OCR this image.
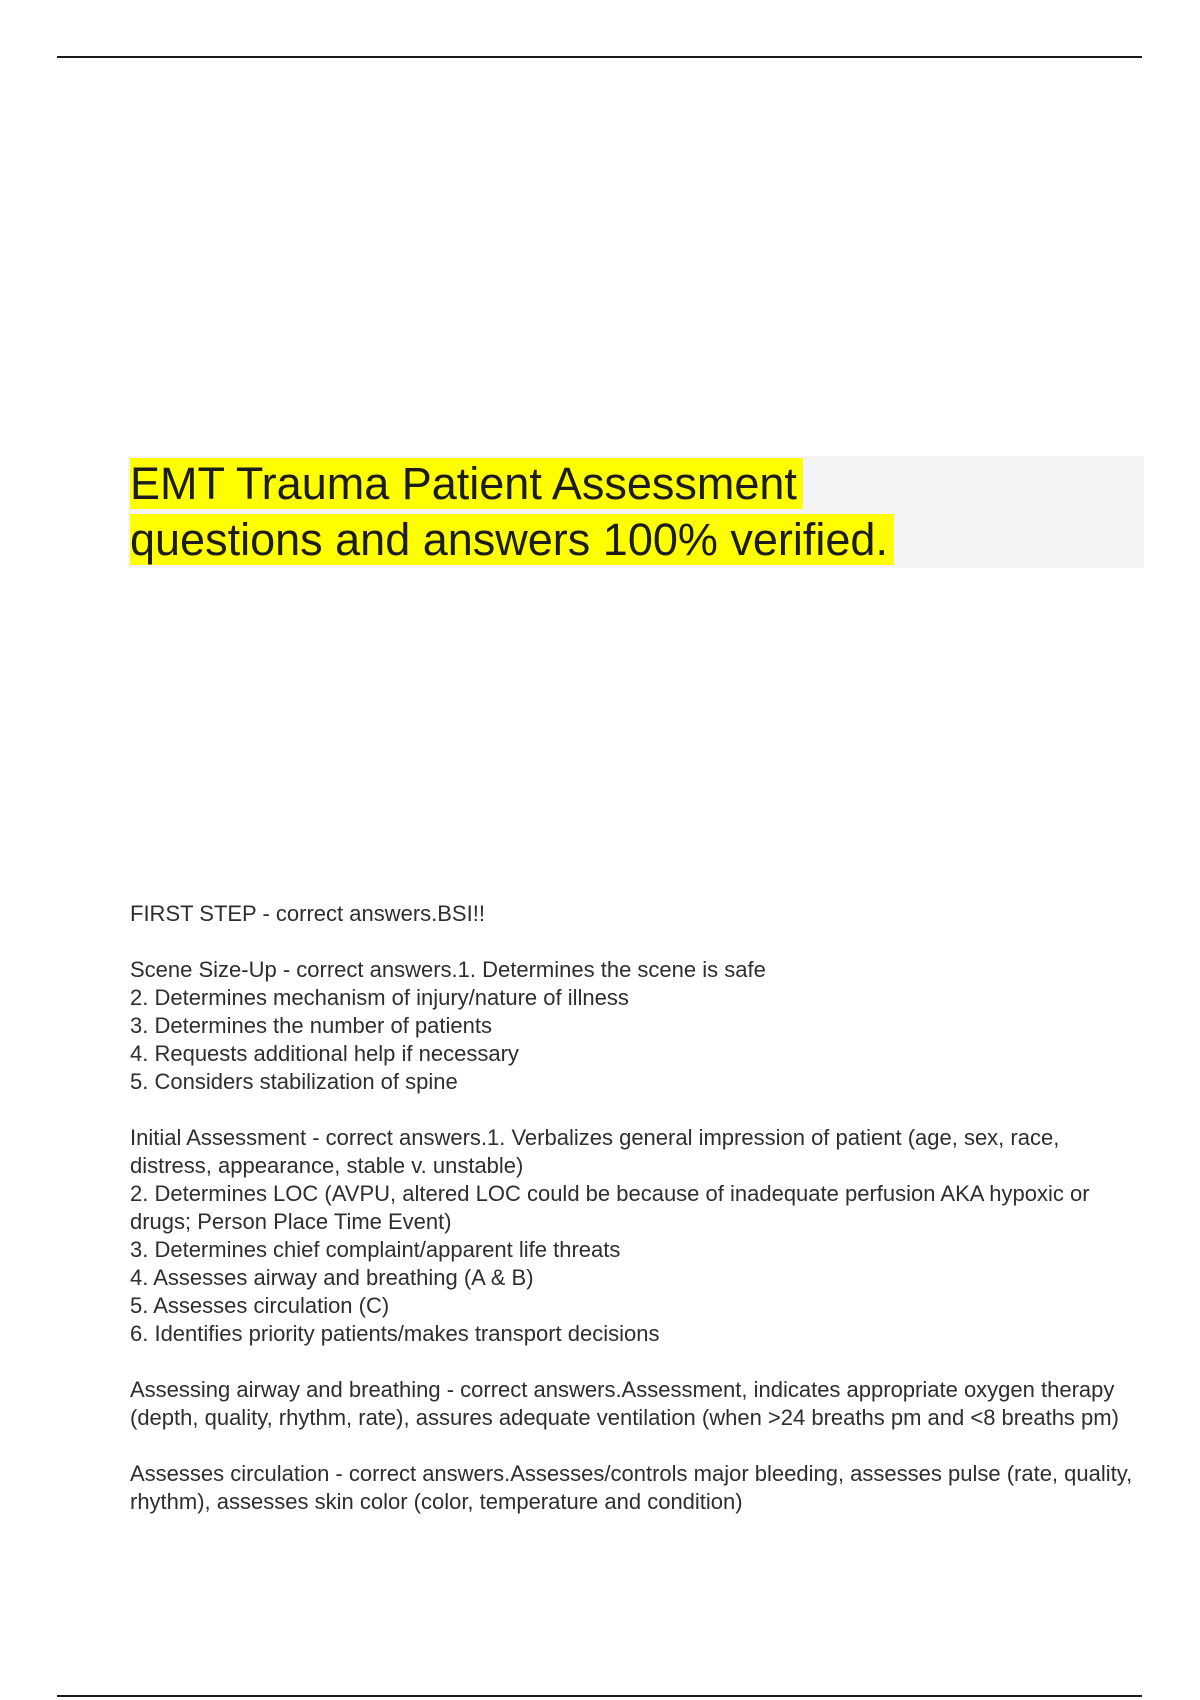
EMT Trauma Patient Assessment
questions and answers 100% verified.
FIRST STEP - correct answers.BSI!!
Scene Size-Up - correct answers.1. Determines the scene is safe
2. Determines mechanism of injury/nature of illness
3. Determines the number of patients
4. Requests additional help if necessary
5. Considers stabilization of spine
Initial Assessment - correct answers.1. Verbalizes general impression of patient (age, sex, race, distress, appearance, stable v. unstable)
2. Determines LOC (AVPU, altered LOC could be because of inadequate perfusion AKA hypoxic or drugs; Person Place Time Event)
3. Determines chief complaint/apparent life threats
4. Assesses airway and breathing (A & B)
5. Assesses circulation (C)
6. Identifies priority patients/makes transport decisions
Assessing airway and breathing - correct answers.Assessment, indicates appropriate oxygen therapy (depth, quality, rhythm, rate), assures adequate ventilation (when >24 breaths pm and <8 breaths pm)
Assesses circulation - correct answers.Assesses/controls major bleeding, assesses pulse (rate, quality, rhythm), assesses skin color (color, temperature and condition)
